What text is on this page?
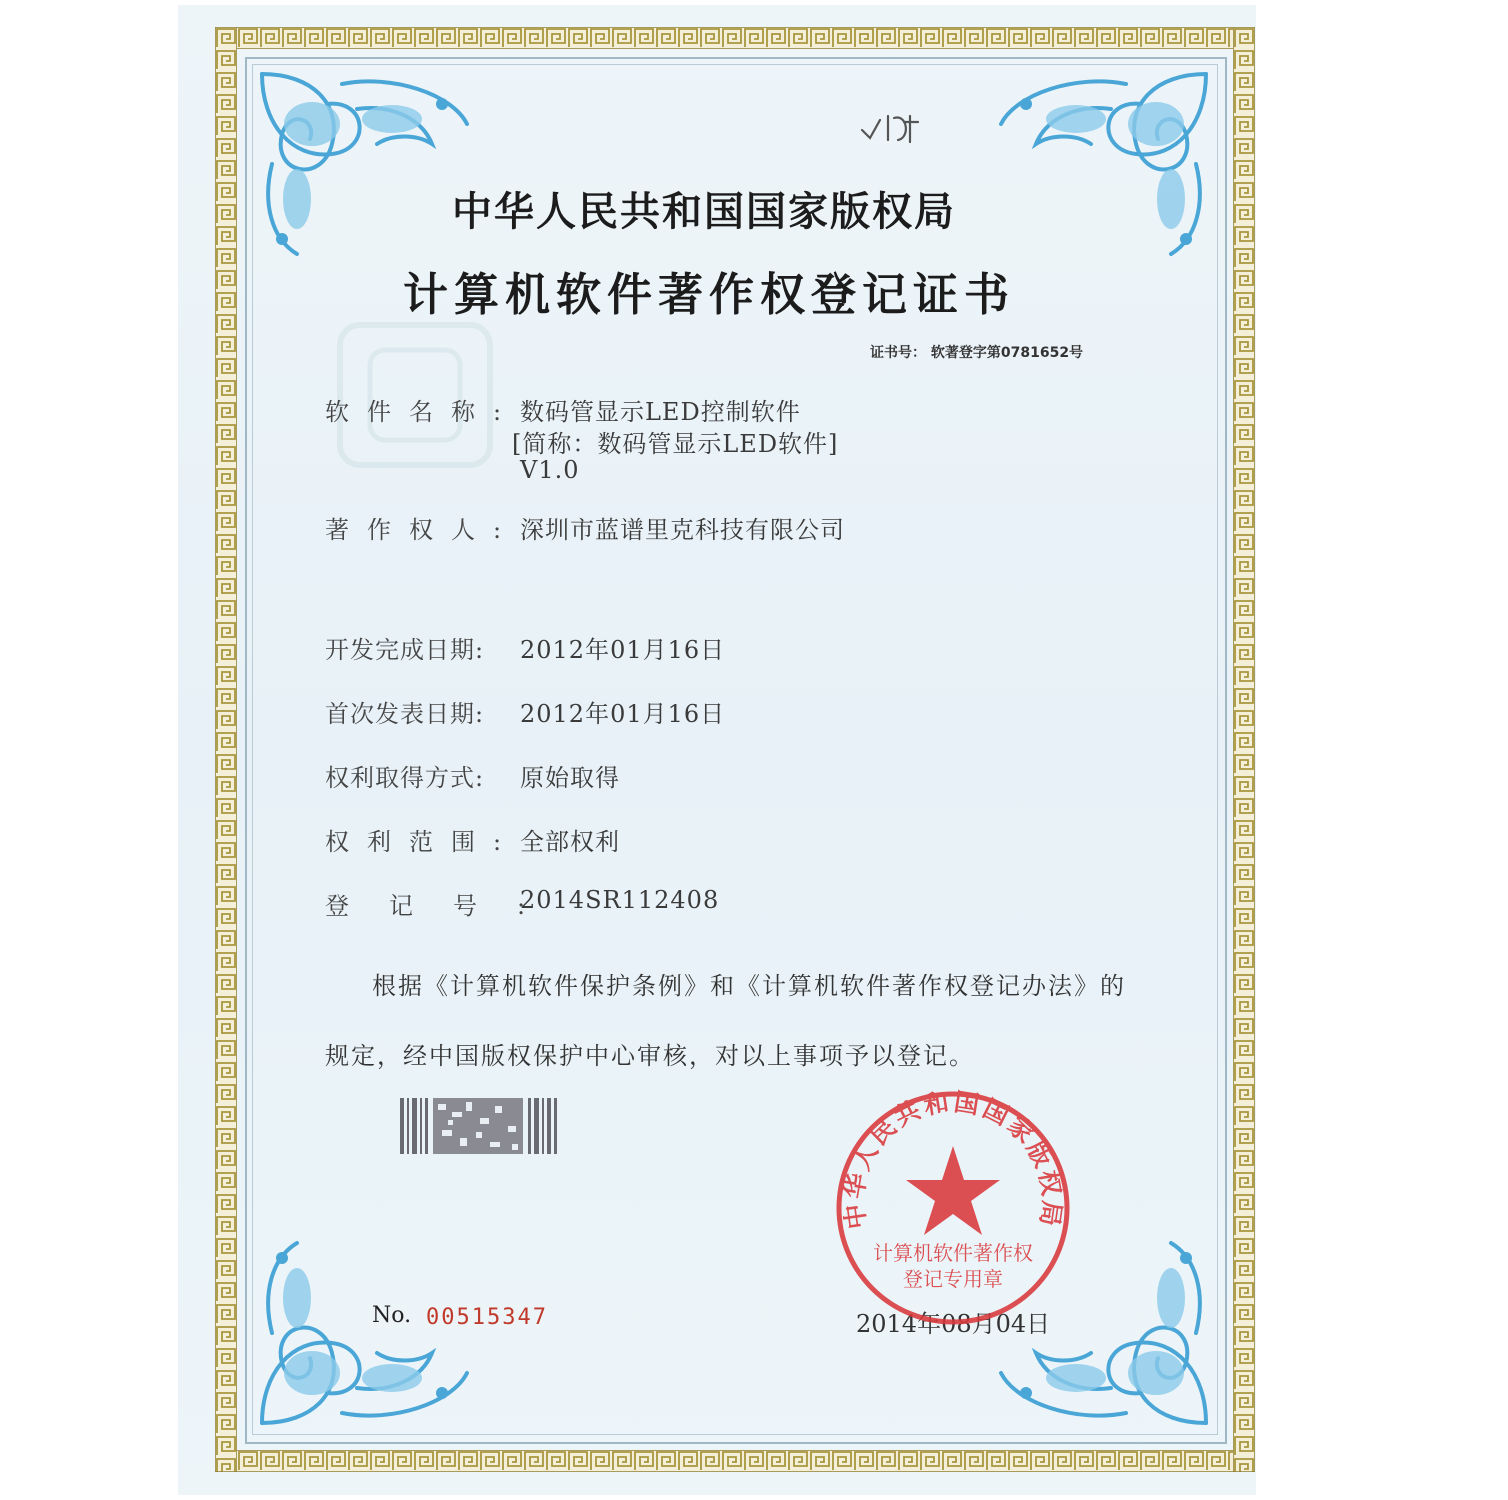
中华人民共和国国家版权局
计算机软件著作权登记证书
证书号： 软著登字第0781652号
软件名称: 数码管显示LED控制软件
[简称：数码管显示LED软件]
V1.0
著作权人: 深圳市蓝谱里克科技有限公司
开发完成日期: 2012年01月16日
首次发表日期: 2012年01月16日
权利取得方式: 原始取得
权利范围: 全部权利
登记号:
2014SR112408
根据《计算机软件保护条例》和《计算机软件著作权登记办法》的
规定，经中国版权保护中心审核，对以上事项予以登记。
No. 00515347	2014年08月04日
中华人民共和国国家版权局
计算机软件著作权
登记专用章
